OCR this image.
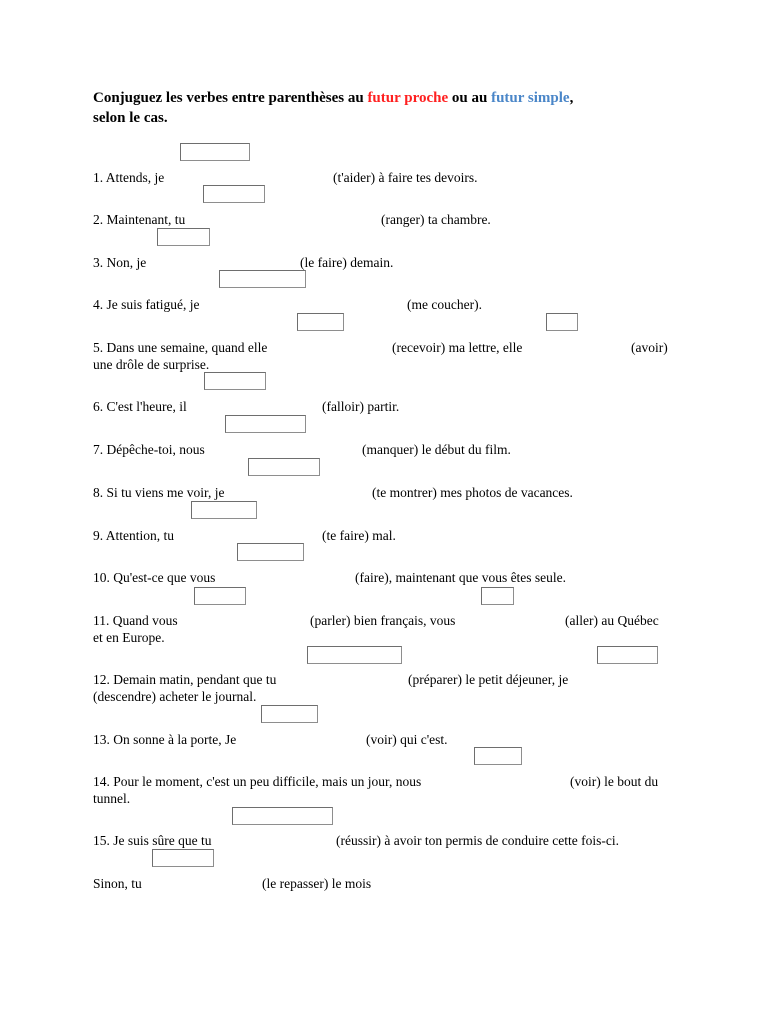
Conjuguez les verbes entre parenthèses au futur proche ou au futur simple,
selon le cas.
1. Attends, je	(t'aider) à faire tes devoirs.
2. Maintenant, tu	(ranger) ta chambre.
3. Non, je	(le faire) demain.
4. Je suis fatigué, je	(me coucher).
5. Dans une semaine, quand elle	(recevoir) ma lettre, elle	(avoir)
une drôle de surprise.
6. C'est l'heure, il	(falloir) partir.
7. Dépêche-toi, nous	(manquer) le début du film.
8. Si tu viens me voir, je	(te montrer) mes photos de vacances.
9. Attention, tu	(te faire) mal.
10. Qu'est-ce que vous	(faire), maintenant que vous êtes seule.
11. Quand vous	(parler) bien français, vous	(aller) au Québec
et en Europe.
12. Demain matin, pendant que tu	(préparer) le petit déjeuner, je
(descendre) acheter le journal.
13. On sonne à la porte, Je	(voir) qui c'est.
14. Pour le moment, c'est un peu difficile, mais un jour, nous	(voir) le bout du
tunnel.
15. Je suis sûre que tu	(réussir) à avoir ton permis de conduire cette fois-ci.
Sinon, tu	(le repasser) le mois
